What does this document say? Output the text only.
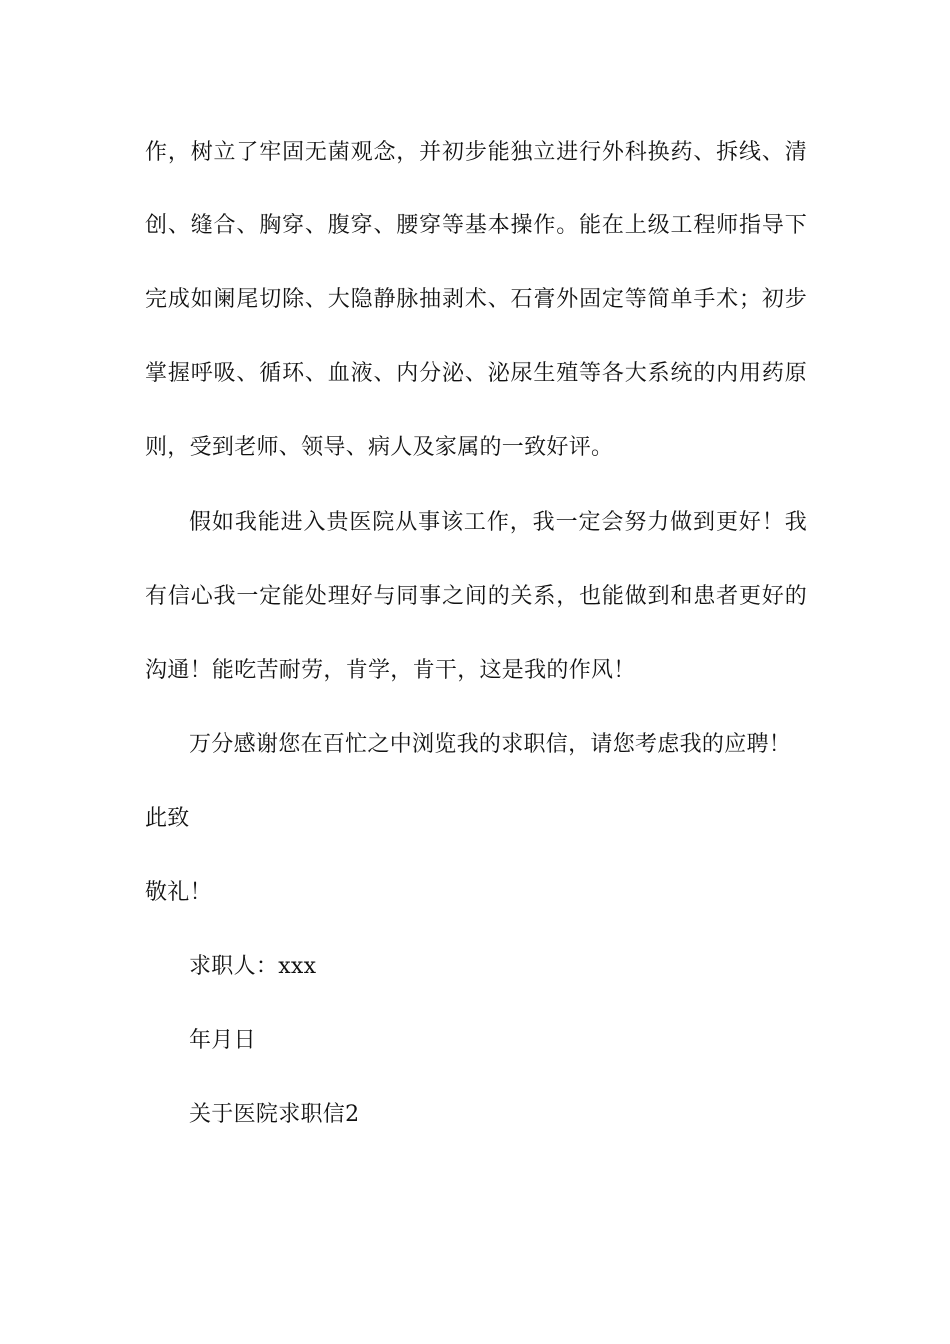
作，树立了牢固无菌观念，并初步能独立进行外科换药、拆线、清
创、缝合、胸穿、腹穿、腰穿等基本操作。能在上级工程师指导下
完成如阑尾切除、大隐静脉抽剥术、石膏外固定等简单手术；初步
掌握呼吸、循环、血液、内分泌、泌尿生殖等各大系统的内用药原
则，受到老师、领导、病人及家属的一致好评。
假如我能进入贵医院从事该工作，我一定会努力做到更好！我
有信心我一定能处理好与同事之间的关系，也能做到和患者更好的
沟通！能吃苦耐劳，肯学，肯干，这是我的作风！
万分感谢您在百忙之中浏览我的求职信，请您考虑我的应聘！
此致
敬礼！
求职人：xxx
年月日
关于医院求职信2
